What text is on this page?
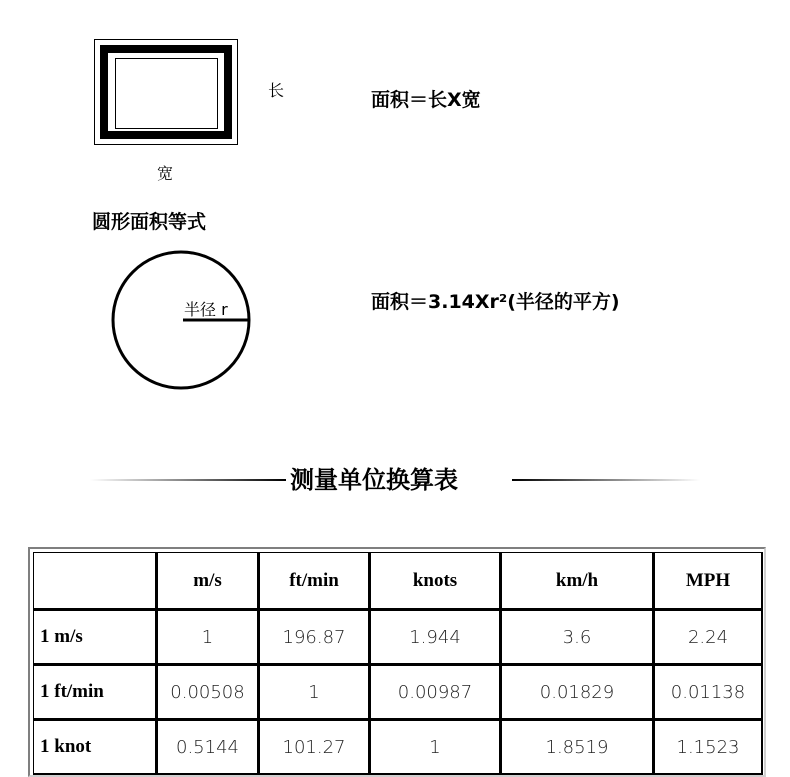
长
宽
面积＝长X宽
圆形面积等式
半径 r	面积＝3.14Xr²(半径的平方)
测量单位换算表
	m/s	ft/min	knots	km/h	MPH
1 m/s	1	196.87	1.944	3.6	2.24
1 ft/min	0.00508	1	0.00987	0.01829	0.01138
1 knot	0.5144	101.27	1	1.8519	1.1523
